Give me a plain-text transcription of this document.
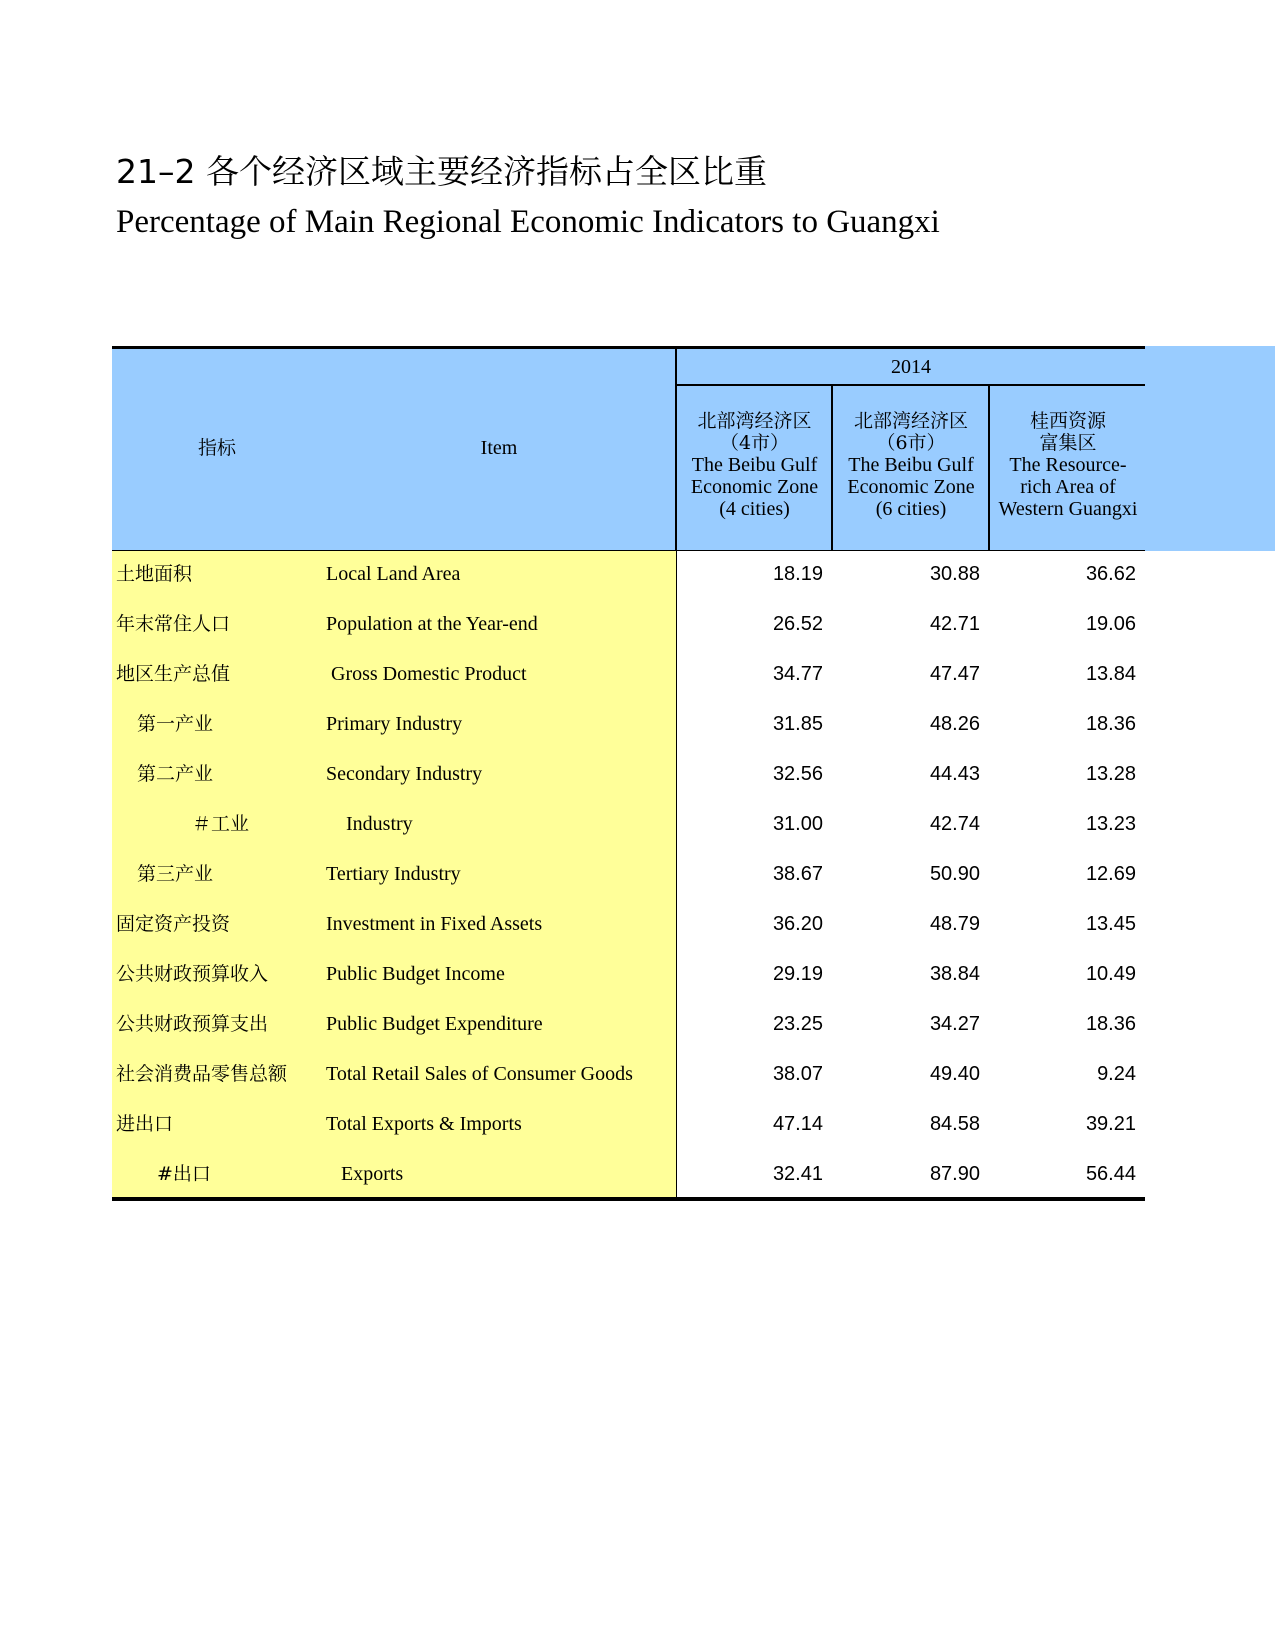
21–2 各个经济区域主要经济指标占全区比重
Percentage of Main Regional Economic Indicators to Guangxi
指标	Item
2014
北部湾经济区
（4市）
The Beibu Gulf
Economic Zone
(4 cities)
北部湾经济区
（6市）
The Beibu Gulf
Economic Zone
(6 cities)
桂西资源
富集区
The Resource-
rich Area of
Western Guangxi
土地面积	Local Land Area	18.19	30.88	36.62
年末常住人口	Population at the Year-end	26.52	42.71	19.06
地区生产总值	Gross Domestic Product	34.77	47.47	13.84
第一产业	Primary Industry	31.85	48.26	18.36
第二产业	Secondary Industry	32.56	44.43	13.28
＃工业	Industry	31.00	42.74	13.23
第三产业	Tertiary Industry	38.67	50.90	12.69
固定资产投资	Investment in Fixed Assets	36.20	48.79	13.45
公共财政预算收入	Public Budget Income	29.19	38.84	10.49
公共财政预算支出	Public Budget Expenditure	23.25	34.27	18.36
社会消费品零售总额 Total Retail Sales of Consumer Goods	38.07	49.40	9.24
进出口	Total Exports & Imports	47.14	84.58	39.21
#出口	Exports	32.41	87.90	56.44
